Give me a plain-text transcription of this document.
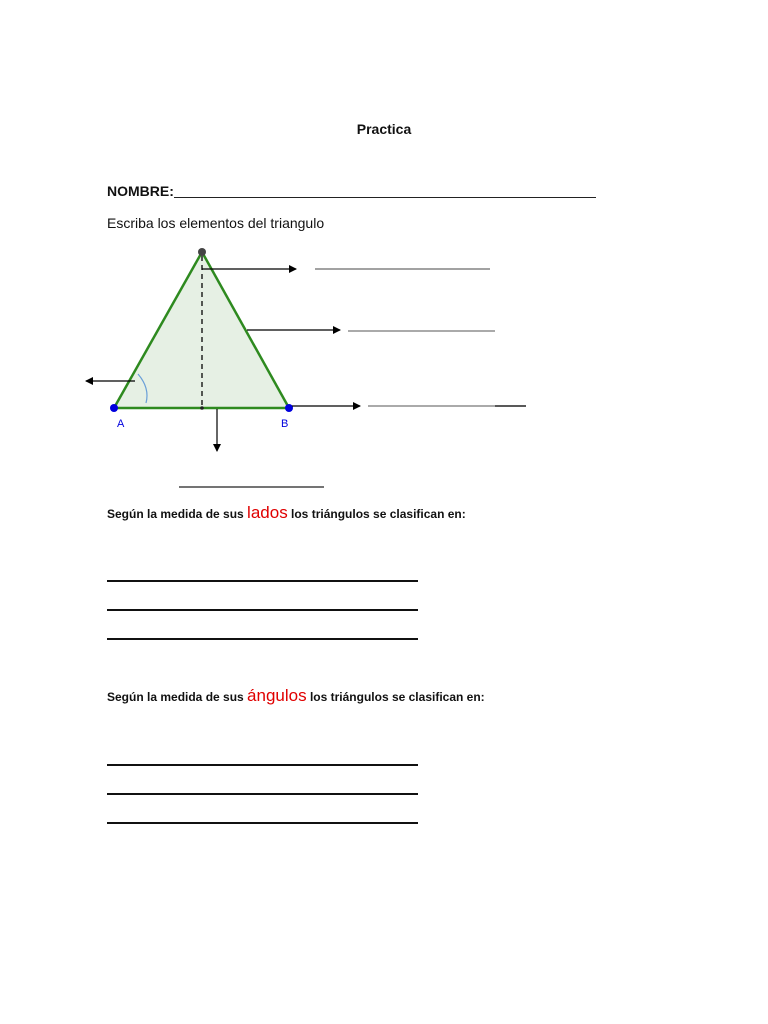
Practica
NOMBRE:
Escriba los elementos del triangulo
A	B
Según la medida de sus lados los triángulos se clasifican en:
Según la medida de sus ángulos los triángulos se clasifican en:
